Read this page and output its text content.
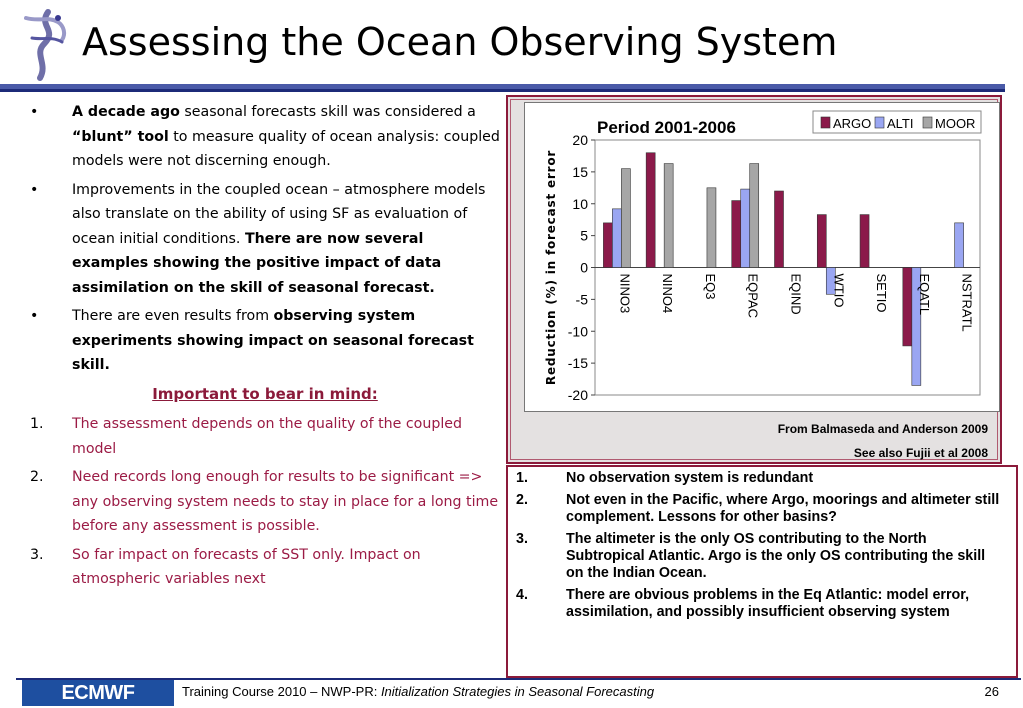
Assessing the Ocean Observing System
•	A decade ago seasonal forecasts skill was considered a “blunt” tool to measure quality of ocean analysis: coupled models were not discerning enough.
•	Improvements in the coupled ocean – atmosphere models also translate on the ability of using SF as evaluation of ocean initial conditions. There are now several examples showing the positive impact of data assimilation on the skill of seasonal forecast.
•	There are even results from observing system experiments showing impact on seasonal forecast skill.
Important to bear in mind:
1. The assessment depends on the quality of the coupled model
2. Need records long enough for results to be significant => any observing system needs to stay in place for a long time before any assessment is possible.
3. So far impact on forecasts of SST only. Impact on atmospheric variables next
Period 2001-2006
Reduction (%) in forecast error
20
15
10
5
0
-5
-10
-15
-20
NINO3 NINO4 EQ3 EQPAC EQIND WTIO SETIO EQATL NSTRATL
ARGO ALTI MOOR
From Balmaseda and Anderson 2009
See also Fujii et al 2008
1.	No observation system is redundant
2.	Not even in the Pacific, where Argo, moorings and altimeter still complement. Lessons for other basins?
3.	The altimeter is the only OS contributing to the North Subtropical Atlantic. Argo is the only OS contributing the skill on the Indian Ocean.
4.	There are obvious problems in the Eq Atlantic: model error, assimilation, and possibly insufficient observing system
ECMWF	Training Course 2010 – NWP-PR: Initialization Strategies in Seasonal Forecasting	26
